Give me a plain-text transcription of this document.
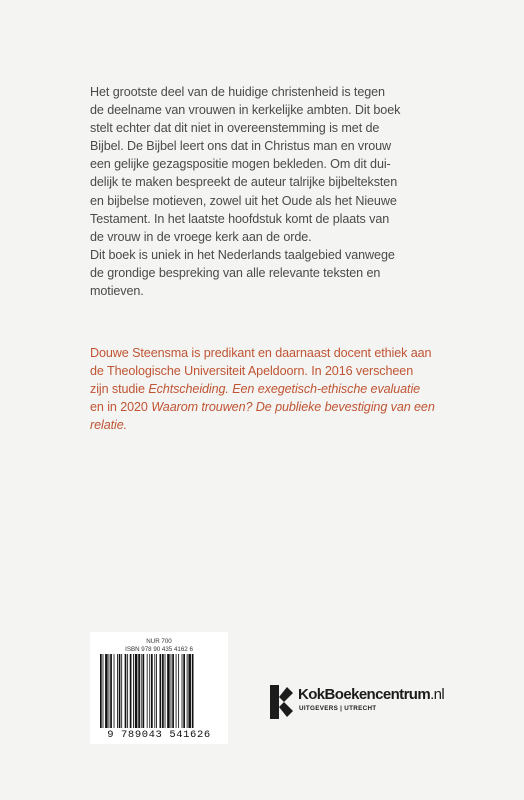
Het grootste deel van de huidige christenheid is tegen

de deelname van vrouwen in kerkelijke ambten. Dit boek

stelt echter dat dit niet in overeenstemming is met de

Bijbel. De Bijbel leert ons dat in Christus man en vrouw

een gelijke gezagspositie mogen bekleden. Om dit dui-

delijk te maken bespreekt de auteur talrijke bijbelteksten

en bijbelse motieven, zowel uit het Oude als het Nieuwe

Testament. In het laatste hoofdstuk komt de plaats van

de vrouw in de vroege kerk aan de orde.

Dit boek is uniek in het Nederlands taalgebied vanwege

de grondige bespreking van alle relevante teksten en

motieven.

Douwe Steensma is predikant en daarnaast docent ethiek aan
de Theologische Universiteit Apeldoorn. In 2016 verscheen
zijn studie Echtscheiding. Een exegetisch-ethische evaluatie
en in 2020 Waarom trouwen? De publieke bevestiging van een
relatie.
NUR 700
ISBN 978 90 435 4162 6
9 789043 541626
KokBoekencentrum.nl
UITGEVERS | UTRECHT
